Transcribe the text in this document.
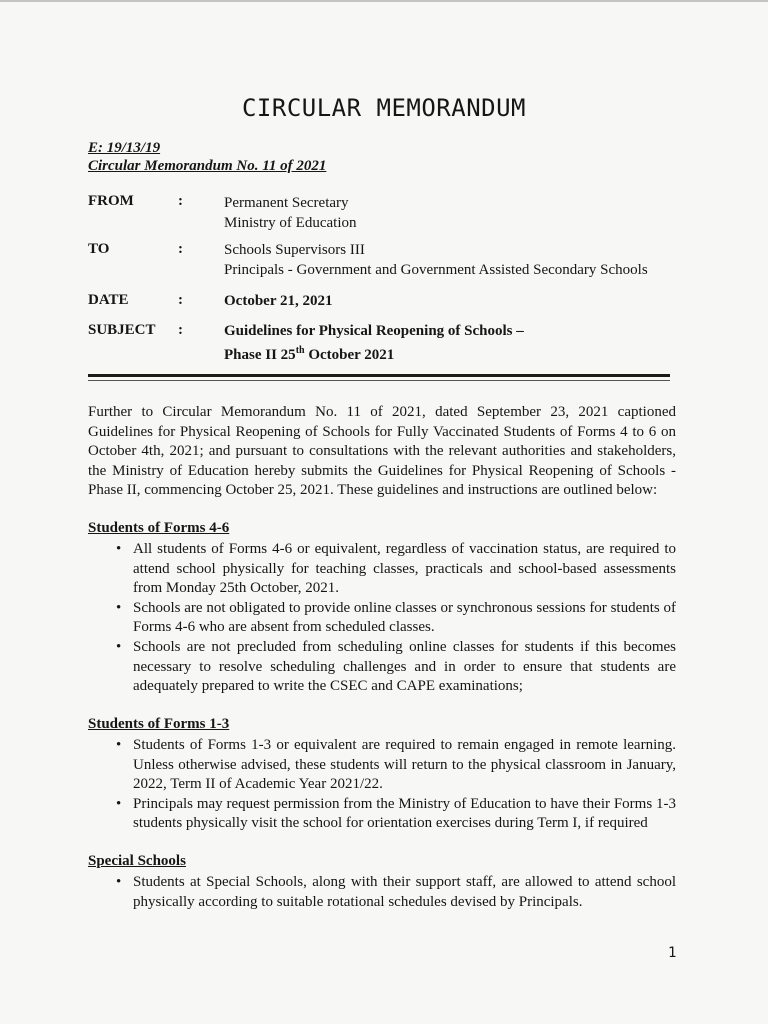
CIRCULAR MEMORANDUM
E: 19/13/19
Circular Memorandum No. 11 of 2021
FROM	:	Permanent Secretary
Ministry of Education
TO	:	Schools Supervisors III
Principals - Government and Government Assisted Secondary Schools
DATE	:	October 21, 2021
SUBJECT :	Guidelines for Physical Reopening of Schools –
Phase II 25th October 2021

Further to Circular Memorandum No. 11 of 2021, dated September 23, 2021 captioned Guidelines for Physical Reopening of Schools for Fully Vaccinated Students of Forms 4 to 6 on October 4th, 2021; and pursuant to consultations with the relevant authorities and stakeholders, the Ministry of Education hereby submits the Guidelines for Physical Reopening of Schools - Phase II, commencing October 25, 2021. These guidelines and instructions are outlined below:

Students of Forms 4-6
• All students of Forms 4-6 or equivalent, regardless of vaccination status, are required to attend school physically for teaching classes, practicals and school-based assessments from Monday 25th October, 2021.
• Schools are not obligated to provide online classes or synchronous sessions for students of Forms 4-6 who are absent from scheduled classes.
• Schools are not precluded from scheduling online classes for students if this becomes necessary to resolve scheduling challenges and in order to ensure that students are adequately prepared to write the CSEC and CAPE examinations;
Students of Forms 1-3
• Students of Forms 1-3 or equivalent are required to remain engaged in remote learning. Unless otherwise advised, these students will return to the physical classroom in January, 2022, Term II of Academic Year 2021/22.
• Principals may request permission from the Ministry of Education to have their Forms 1-3 students physically visit the school for orientation exercises during Term I, if required
Special Schools
• Students at Special Schools, along with their support staff, are allowed to attend school physically according to suitable rotational schedules devised by Principals.
1
